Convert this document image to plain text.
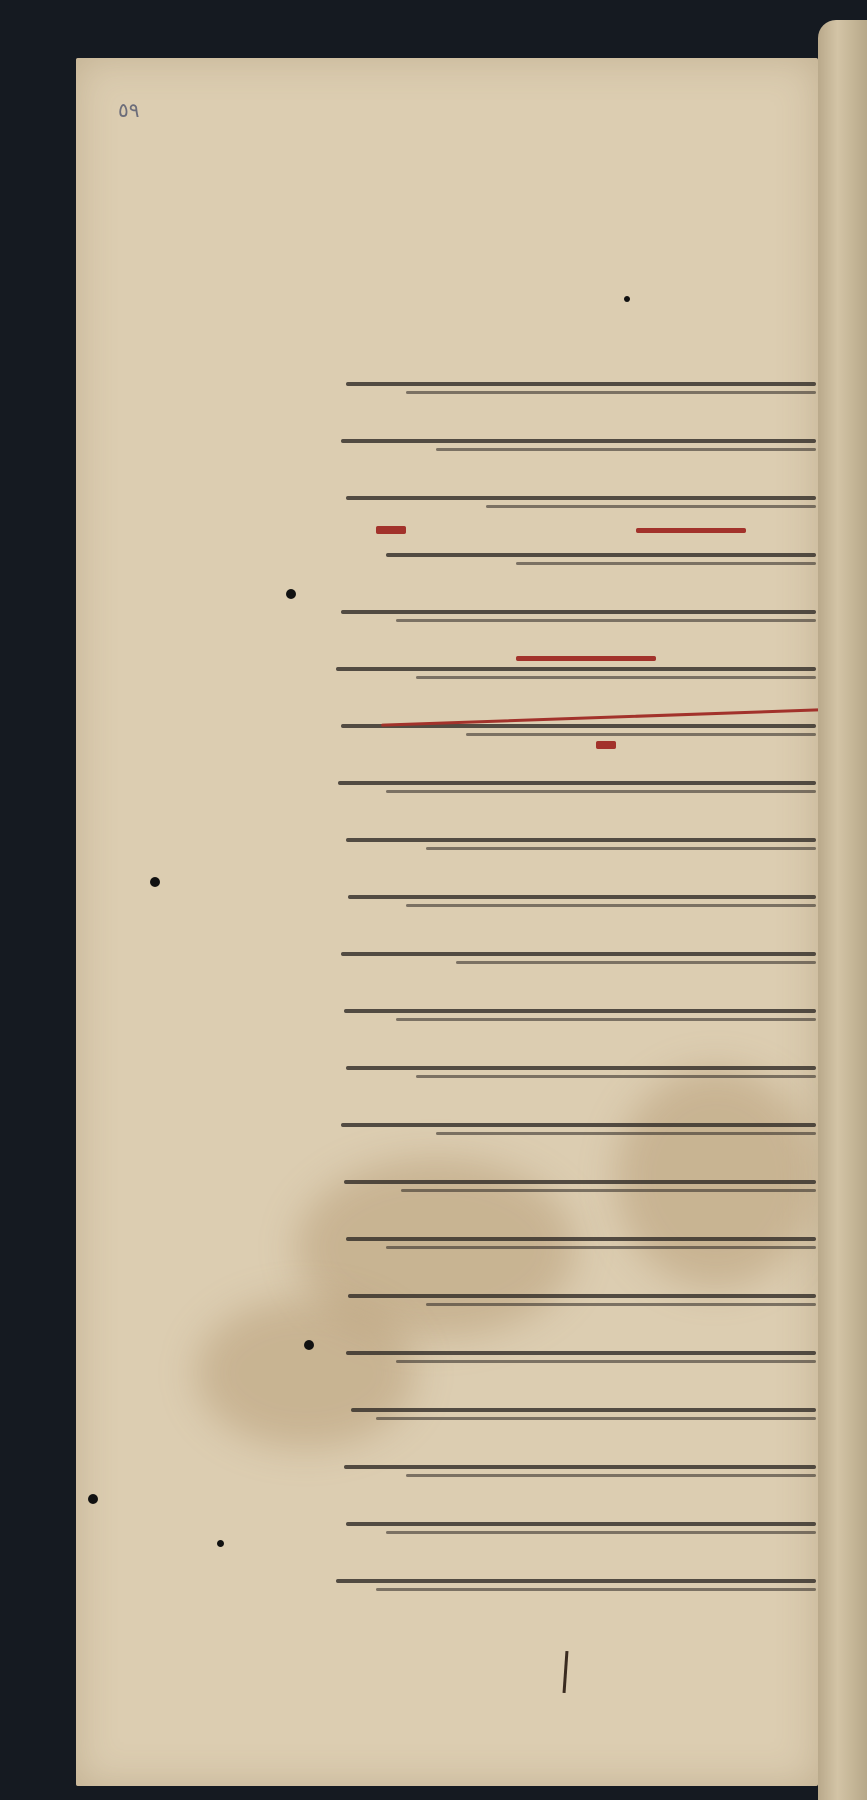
٥٩
